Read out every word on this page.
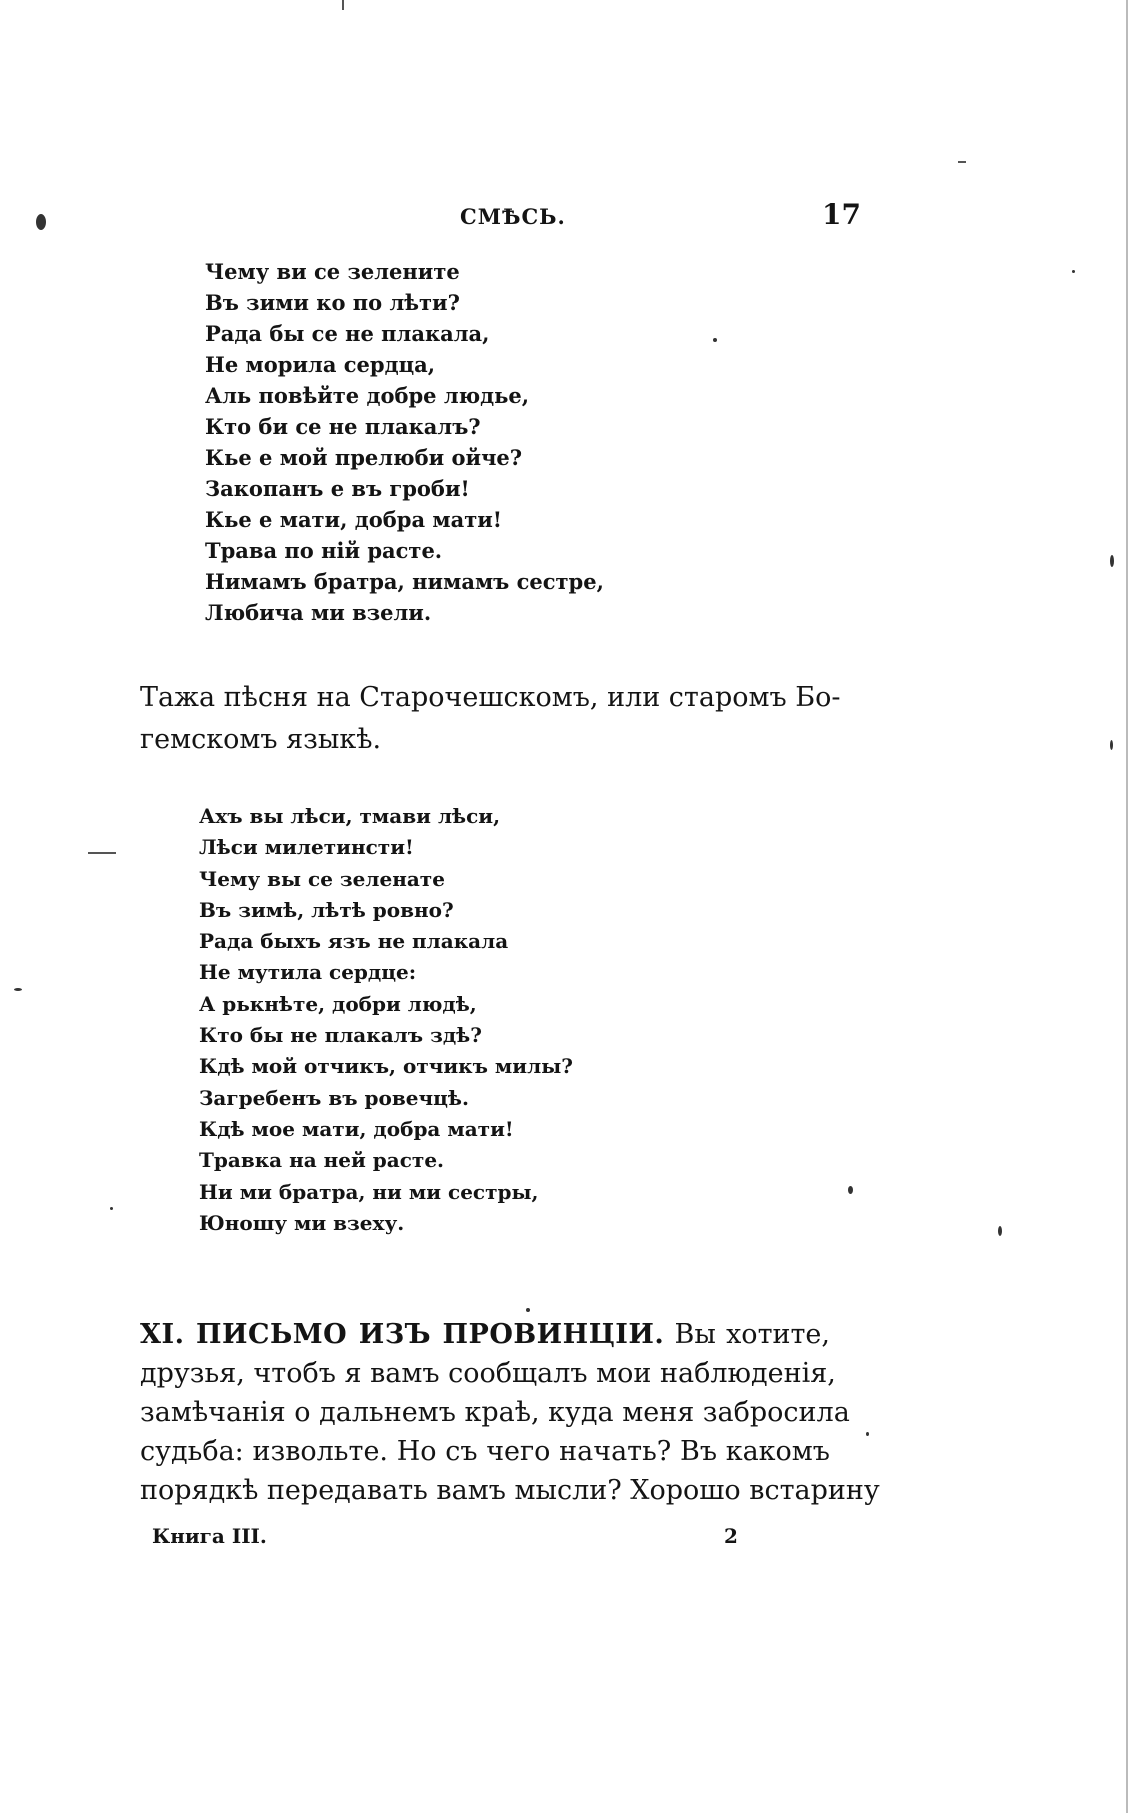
СМѢСЬ.	17
Чему ви се зелените
Въ зими ко по лѣти?
Рада бы се не плакала,
Не морила сердца,
Аль повѣйте добре людье,
Кто би се не плакалъ?
Кье е мой прелюби ойче?
Закопанъ е въ гроби!
Кье е мати, добра мати!
Трава по ній расте.
Нимамъ братра, нимамъ сестре,
Любича ми взели.

Тажа пѣсня на Старочешскомъ, или старомъ Бо-
гемскомъ языкѣ.

Ахъ вы лѣси, тмави лѣси,
Лѣси милетинсти!
Чему вы се зеленате
Въ зимѣ, лѣтѣ ровно?
Рада быхъ язъ не плакала
Не мутила сердце:
А рькнѣте, добри людѣ,
Кто бы не плакалъ здѣ?
Кдѣ мой отчикъ, отчикъ милы?
Загребенъ въ ровечцѣ.
Кдѣ мое мати, добра мати!
Травка на ней расте.
Ни ми братра, ни ми сестры,
Юношу ми взеху.

XI. ПИСЬМО ИЗЪ ПРОВИНЦІИ. Вы хотите,
друзья, чтобъ я вамъ сообщалъ мои наблюденія,
замѣчанія о дальнемъ краѣ, куда меня забросила
судьба: извольте. Но съ чего начать? Въ какомъ
порядкѣ передавать вамъ мысли? Хорошо встарину

Книга III.	2
